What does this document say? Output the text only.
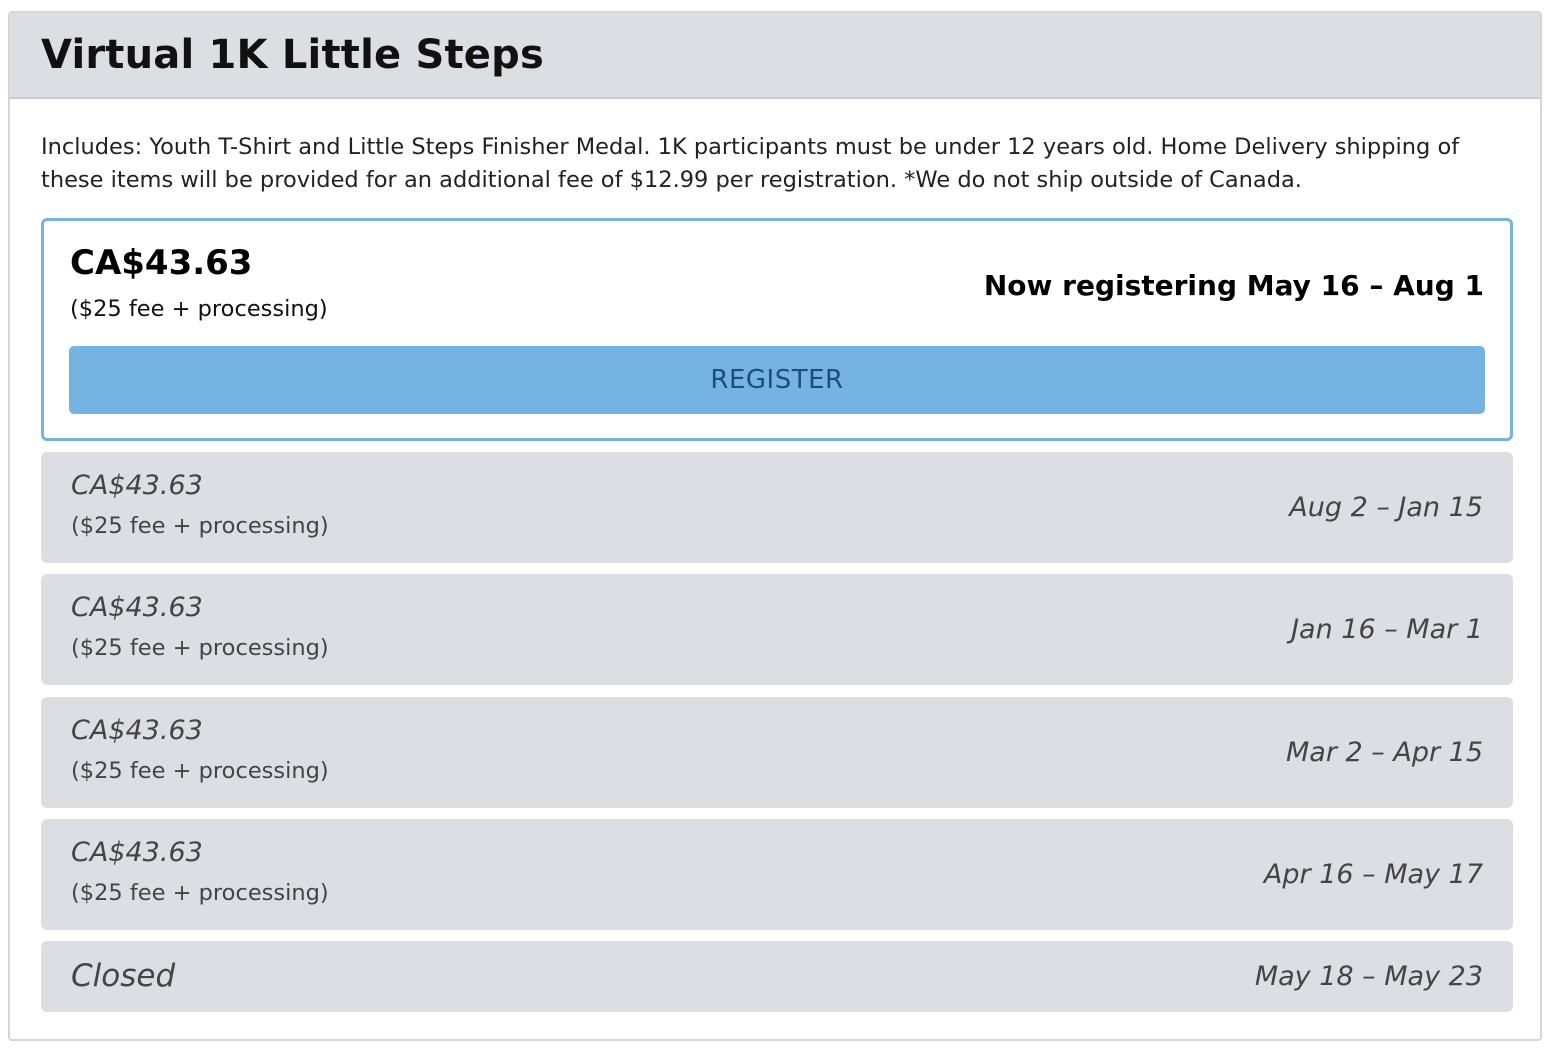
Virtual 1K Little Steps

Includes: Youth T-Shirt and Little Steps Finisher Medal. 1K participants must be under 12 years old. Home Delivery shipping of these items will be provided for an additional fee of $12.99 per registration. *We do not ship outside of Canada.

CA$43.63
($25 fee + processing)
Now registering May 16 – Aug 1
REGISTER
CA$43.63
($25 fee + processing)
Aug 2 – Jan 15
CA$43.63
($25 fee + processing)
Jan 16 – Mar 1
CA$43.63
($25 fee + processing)
Mar 2 – Apr 15
CA$43.63
($25 fee + processing)
Apr 16 – May 17
Closed	May 18 – May 23
